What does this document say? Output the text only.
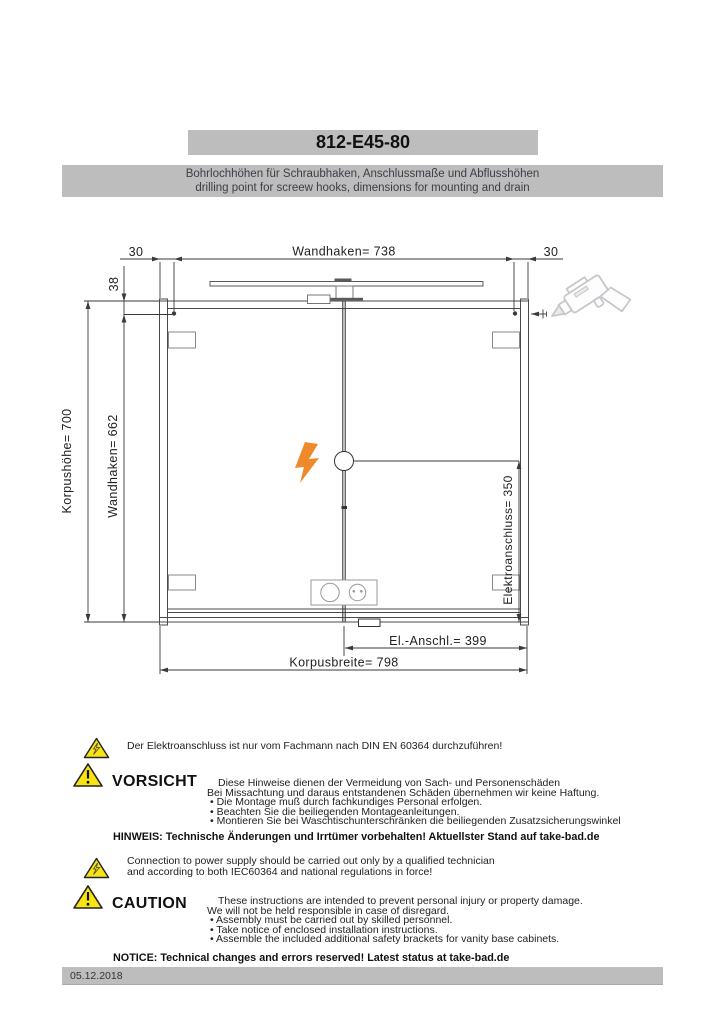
812-E45-80
Bohrlochhöhen für Schraubhaken, Anschlussmaße und Abflusshöhen
drilling point for screew hooks, dimensions for mounting and drain
30	Wandhaken= 738	30
38
Korpushöhe= 700	Wandhaken= 662
Elektroanschluss= 350
El.-Anschl.= 399
Korpusbreite= 798
Der Elektroanschluss ist nur vom Fachmann nach DIN EN 60364 durchzuführen!
VORSICHT	Diese Hinweise dienen der Vermeidung von Sach- und Personenschäden
Bei Missachtung und daraus entstandenen Schäden übernehmen wir keine Haftung.
• Die Montage muß durch fachkundiges Personal erfolgen.
• Beachten Sie die beiliegenden Montageanleitungen.
• Montieren Sie bei Waschtischunterschränken die beiliegenden Zusatzsicherungswinkel
HINWEIS: Technische Änderungen und Irrtümer vorbehalten! Aktuellster Stand auf take-bad.de
Connection to power supply should be carried out only by a qualified technician
and according to both IEC60364 and national regulations in force!
CAUTION	These instructions are intended to prevent personal injury or property damage.
We will not be held responsible in case of disregard.
• Assembly must be carried out by skilled personnel.
• Take notice of enclosed installation instructions.
• Assemble the included additional safety brackets for vanity base cabinets.
NOTICE: Technical changes and errors reserved! Latest status at take-bad.de
05.12.2018
